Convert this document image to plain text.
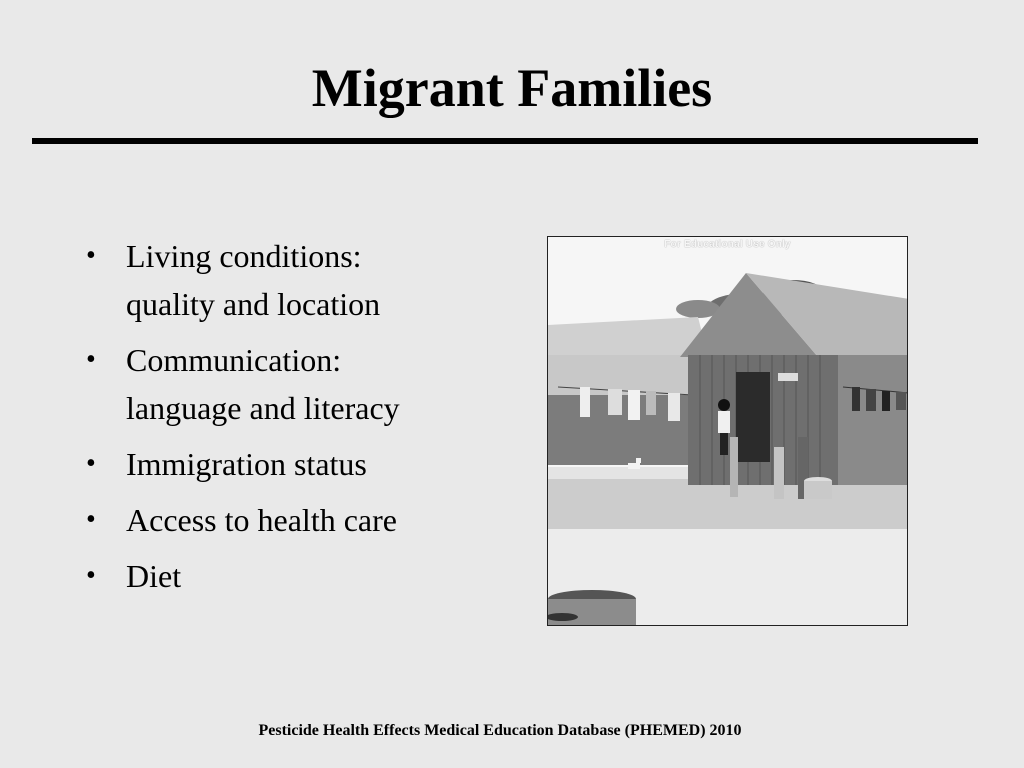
Migrant Families
• Living conditions:
quality and location
• Communication:
language and literacy
• Immigration status
• Access to health care
• Diet
For Educational Use Only
Pesticide Health Effects Medical Education Database (PHEMED) 2010
